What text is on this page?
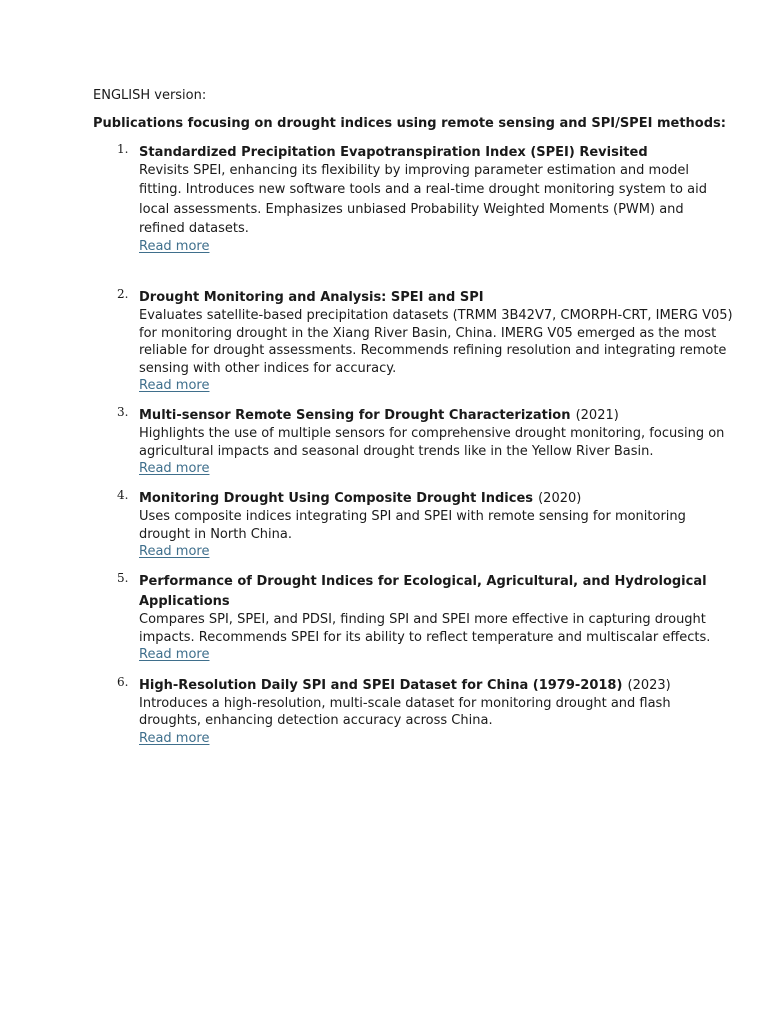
ENGLISH version:

Publications focusing on drought indices using remote sensing and SPI/SPEI methods:

1. Standardized Precipitation Evapotranspiration Index (SPEI) Revisited
Revisits SPEI, enhancing its flexibility by improving parameter estimation and model fitting. Introduces new software tools and a real-time drought monitoring system to aid local assessments. Emphasizes unbiased Probability Weighted Moments (PWM) and refined datasets.
Read more
2. Drought Monitoring and Analysis: SPEI and SPI
Evaluates satellite-based precipitation datasets (TRMM 3B42V7, CMORPH-CRT, IMERG V05) for monitoring drought in the Xiang River Basin, China. IMERG V05 emerged as the most reliable for drought assessments. Recommends refining resolution and integrating remote sensing with other indices for accuracy.
Read more
3. Multi-sensor Remote Sensing for Drought Characterization (2021)
Highlights the use of multiple sensors for comprehensive drought monitoring, focusing on agricultural impacts and seasonal drought trends like in the Yellow River Basin.
Read more
4. Monitoring Drought Using Composite Drought Indices (2020)
Uses composite indices integrating SPI and SPEI with remote sensing for monitoring drought in North China.
Read more
5. Performance of Drought Indices for Ecological, Agricultural, and Hydrological Applications
Compares SPI, SPEI, and PDSI, finding SPI and SPEI more effective in capturing drought impacts. Recommends SPEI for its ability to reflect temperature and multiscalar effects. Read more
6. High-Resolution Daily SPI and SPEI Dataset for China (1979-2018) (2023)
Introduces a high-resolution, multi-scale dataset for monitoring drought and flash droughts, enhancing detection accuracy across China.
Read more
